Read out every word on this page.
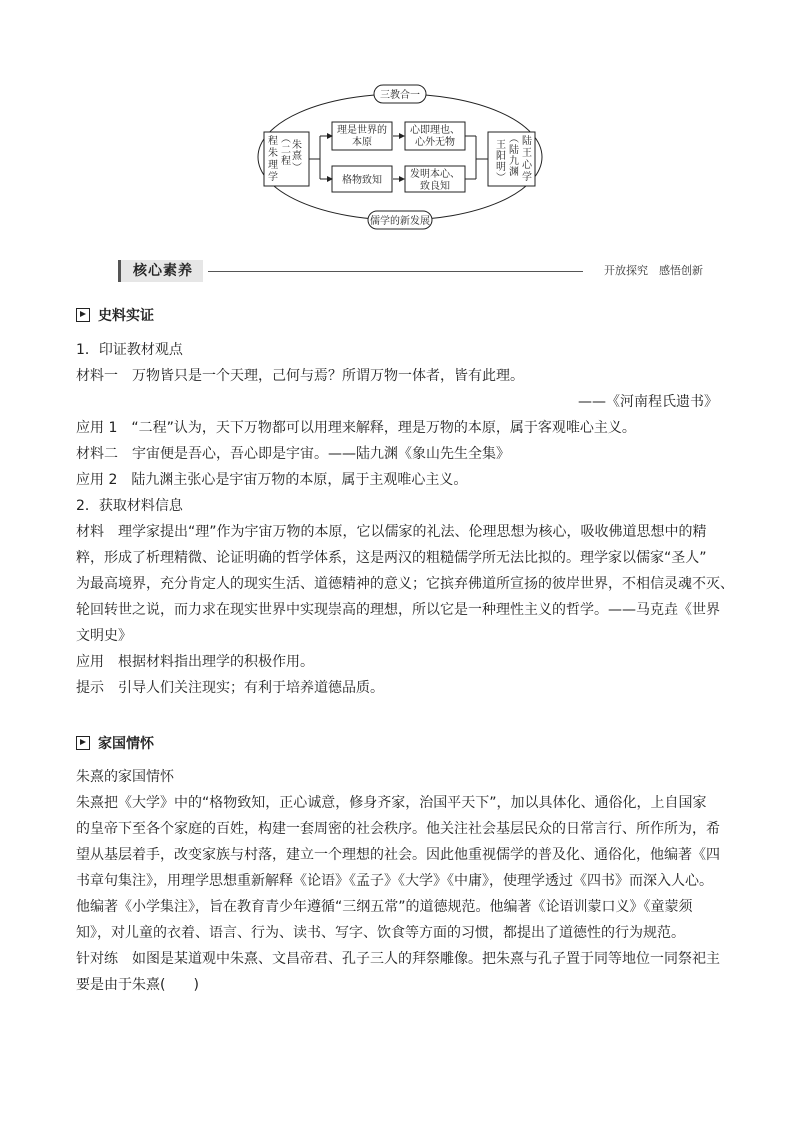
三教合一
儒学的新发展
程
朱
理
学
︵
二
程
朱
熹
︶
陆
王
心
学
︵
陆
九
渊
王
阳
明
︶
理是世界的
本原
心即理也、
心外无物
格物致知
发明本心、
致良知
核心素养	开放探究　感悟创新
史料实证
1．印证教材观点
材料一　万物皆只是一个天理，己何与焉？所谓万物一体者，皆有此理。
——《河南程氏遗书》
应用 1　“二程”认为，天下万物都可以用理来解释，理是万物的本原，属于客观唯心主义。
材料二　宇宙便是吾心，吾心即是宇宙。——陆九渊《象山先生全集》
应用 2　陆九渊主张心是宇宙万物的本原，属于主观唯心主义。
2．获取材料信息
材料　理学家提出“理”作为宇宙万物的本原，它以儒家的礼法、伦理思想为核心，吸收佛道思想中的精
粹，形成了析理精微、论证明确的哲学体系，这是两汉的粗糙儒学所无法比拟的。理学家以儒家“圣人”
为最高境界，充分肯定人的现实生活、道德精神的意义；它摈弃佛道所宣扬的彼岸世界，不相信灵魂不灭、
轮回转世之说，而力求在现实世界中实现崇高的理想，所以它是一种理性主义的哲学。——马克垚《世界
文明史》
应用　根据材料指出理学的积极作用。
提示　引导人们关注现实；有利于培养道德品质。
家国情怀
朱熹的家国情怀
朱熹把《大学》中的“格物致知，正心诚意，修身齐家，治国平天下”，加以具体化、通俗化，上自国家
的皇帝下至各个家庭的百姓，构建一套周密的社会秩序。他关注社会基层民众的日常言行、所作所为，希
望从基层着手，改变家族与村落，建立一个理想的社会。因此他重视儒学的普及化、通俗化，他编著《四
书章句集注》，用理学思想重新解释《论语》《孟子》《大学》《中庸》，使理学透过《四书》而深入人心。
他编著《小学集注》，旨在教育青少年遵循“三纲五常”的道德规范。他编著《论语训蒙口义》《童蒙须
知》，对儿童的衣着、语言、行为、读书、写字、饮食等方面的习惯，都提出了道德性的行为规范。
针对练　如图是某道观中朱熹、文昌帝君、孔子三人的拜祭雕像。把朱熹与孔子置于同等地位一同祭祀主
要是由于朱熹(　　)
